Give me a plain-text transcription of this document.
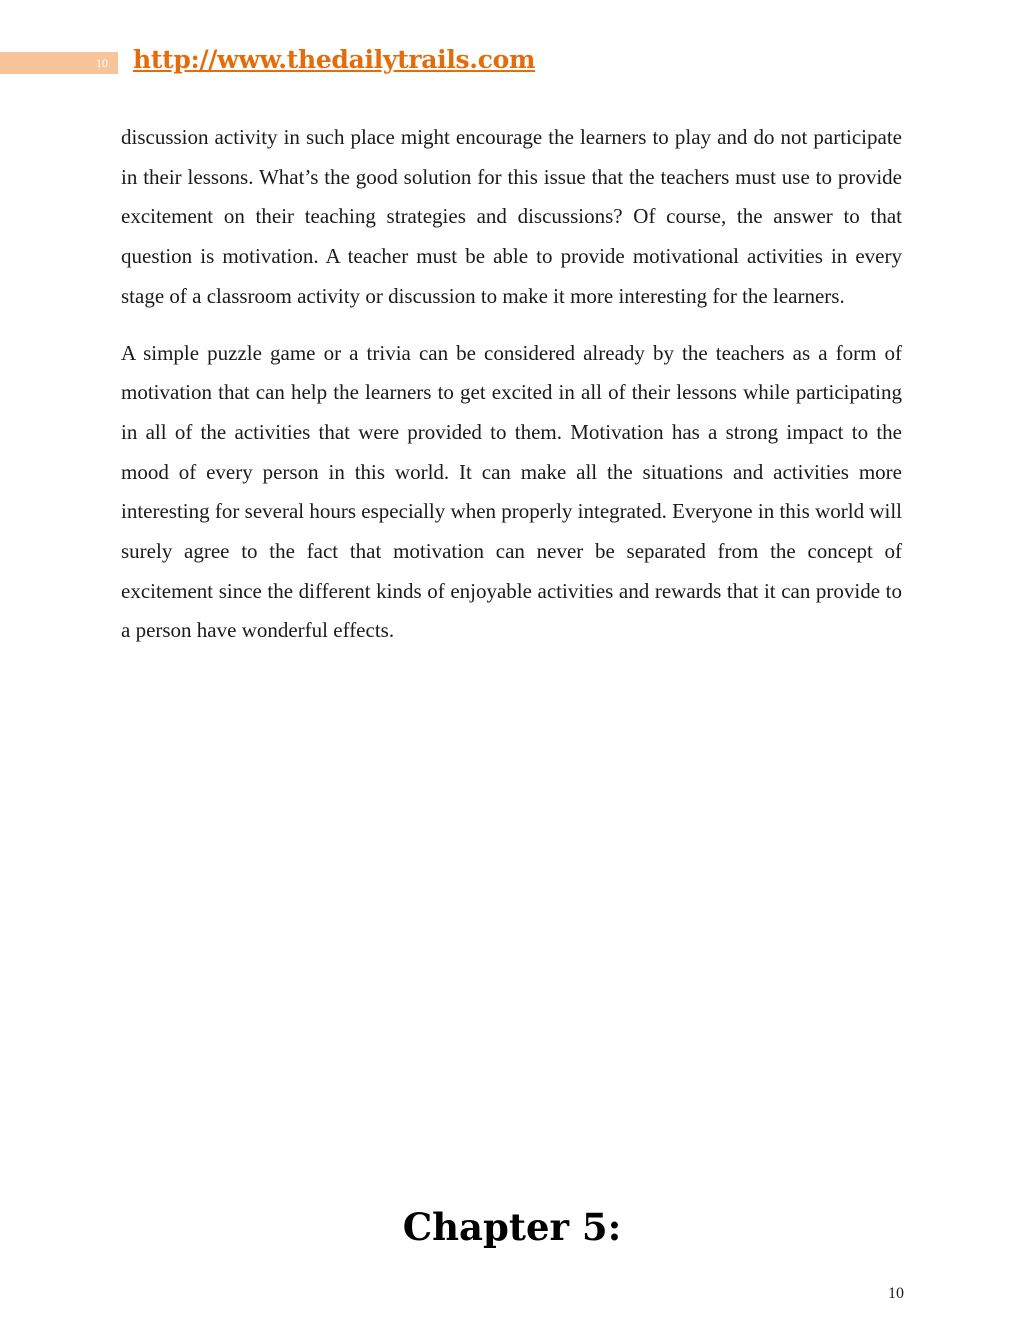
10	http://www.thedailytrails.com

discussion activity in such place might encourage the learners to play and do not participate in their lessons. What’s the good solution for this issue that the teachers must use to provide excitement on their teaching strategies and discussions? Of course, the answer to that question is motivation. A teacher must be able to provide motivational activities in every stage of a classroom activity or discussion to make it more interesting for the learners.

A simple puzzle game or a trivia can be considered already by the teachers as a form of motivation that can help the learners to get excited in all of their lessons while participating in all of the activities that were provided to them. Motivation has a strong impact to the mood of every person in this world. It can make all the situations and activities more interesting for several hours especially when properly integrated. Everyone in this world will surely agree to the fact that motivation can never be separated from the concept of excitement since the different kinds of enjoyable activities and rewards that it can provide to a person have wonderful effects.

Chapter 5:
10
